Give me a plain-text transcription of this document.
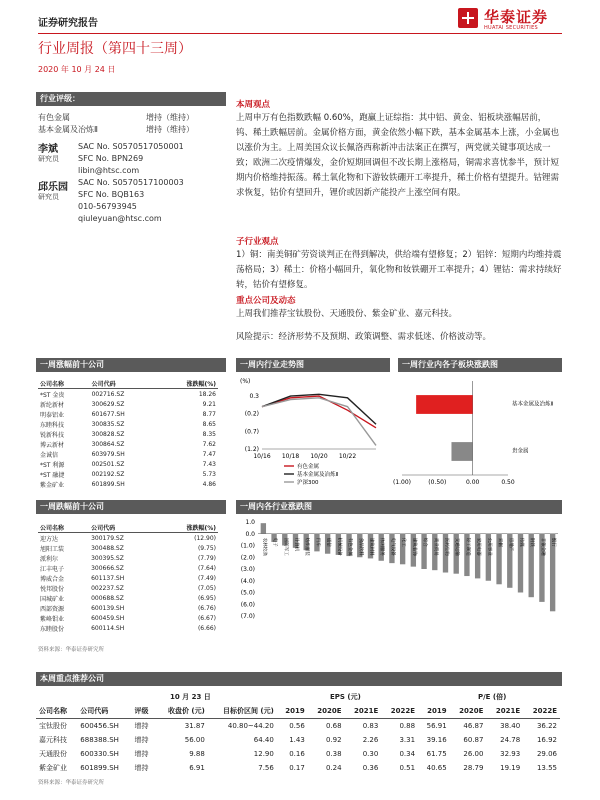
证券研究报告	华泰证券
HUATAI SECURITIES
行业周报（第四十三周）
2020 年 10 月 24 日
行业评级：
有色金属	增持（维持）
基本金属及冶炼Ⅱ	增持（维持）
李斌
研究员
SAC No. S0570517050001
SFC No. BPN269
libin@htsc.com
邱乐园
研究员
SAC No. S0570517100003
SFC No. BQB163
010-56793945
qiuleyuan@htsc.com
本周观点
上周申万有色指数跌幅 0.60%，跑赢上证综指：其中铝、黄金、铝板块涨幅居前，钨、稀土跌幅居前。金属价格方面，黄金依然小幅下跌，基本金属基本上涨，小金属也以涨价为主。上周美国众议长佩洛西称新冲击法案正在撰写，两党就关键事项达成一致；欧洲二次疫情爆发，金价短期回调但不改长期上涨格局，铜需求喜忧参半，预计短期内价格维持振荡。稀土氧化物和下游钕铁硼开工率提升，稀土价格有望提升。钴锂需求恢复，钴价有望回升，锂价或因新产能投产上涨空间有限。
子行业观点
1）铜：南美铜矿劳资谈判正在得到解决，供给端有望修复；2）铝锌：短期内均维持震荡格局；3）稀土：价格小幅回升，氧化物和钕铁硼开工率提升；4）锂钴：需求持续好转，钴价有望修复。
重点公司及动态
上周我们推荐宝钛股份、天通股份、紫金矿业、嘉元科技。
风险提示：经济形势不及预期、政策调整、需求低迷、价格波动等。
一周涨幅前十公司
公司名称	公司代码	涨跌幅(%)
*ST 金贵	002716.SZ	18.26
新纶新材	300629.SZ	9.21
明泰铝业	601677.SH	8.77
东睦科技	300835.SZ	8.65
锐新科技	300828.SZ	8.35
博云新材	300864.SZ	7.62
金诚信	603979.SH	7.47
*ST 利源	002501.SZ	7.43
*ST 融捷	002192.SZ	5.73
紫金矿业	601899.SH	4.86
一周跌幅前十公司
公司名称	公司代码	涨跌幅(%)
迎方达	300179.SZ	(12.90)
旭阳工装	300488.SZ	(9.75)
派利尔	300395.SZ	(7.79)
江丰电子	300666.SZ	(7.64)
博威合金	601137.SH	(7.49)
悦邦股份	002237.SZ	(7.05)
国城矿业	000688.SZ	(6.95)
西部资源	600139.SH	(6.76)
紫峰钼业	600459.SH	(6.67)
东睦股份	600114.SH	(6.66)
资料来源：华泰证券研究所
一周内行业走势图
(%)
0.3
(0.2)
(0.7)
(1.2)
10/16 10/18 10/20 10/22
有色金属
基本金属及冶炼Ⅱ
沪深300
一周行业内各子板块涨跌图
基本金属及冶炼Ⅱ
贵金属
(1.00)	(0.50)	0.00	0.50
一周内各行业涨跌图
1.0
0.0
(1.0)
(2.0)
(3.0)
(4.0)
(5.0)
(6.0)
(7.0)
农林牧渔	电子	国防军工	计算机	纺织服装	汽车	通信	机械设备	有色金属	食品饮料	建筑材料	休闲服务	电气设备	化工	建筑装饰	综合	商业贸易	医药生物	交通运输	轻工制造	家用电器	公用事业	采掘	房地产	传媒	钢铁	非银金融	银行
本周重点推荐公司
10 月 23 日	EPS (元)	P/E (倍)
公司名称	公司代码	评级	收盘价 (元)	目标价区间 (元)	2019	2020E	2021E	2022E	2019	2020E	2021E	2022E
宝钛股份	600456.SH	增持	31.87	40.80~44.20	0.56	0.68	0.83	0.88	56.91	46.87	38.40	36.22
嘉元科技	688388.SH	增持	56.00	64.40	1.43	0.92	2.26	3.31	39.16	60.87	24.78	16.92
天通股份	600330.SH	增持	9.88	12.90	0.16	0.38	0.30	0.34	61.75	26.00	32.93	29.06
紫金矿业	601899.SH	增持	6.91	7.56	0.17	0.24	0.36	0.51	40.65	28.79	19.19	13.55
资料来源：华泰证券研究所
